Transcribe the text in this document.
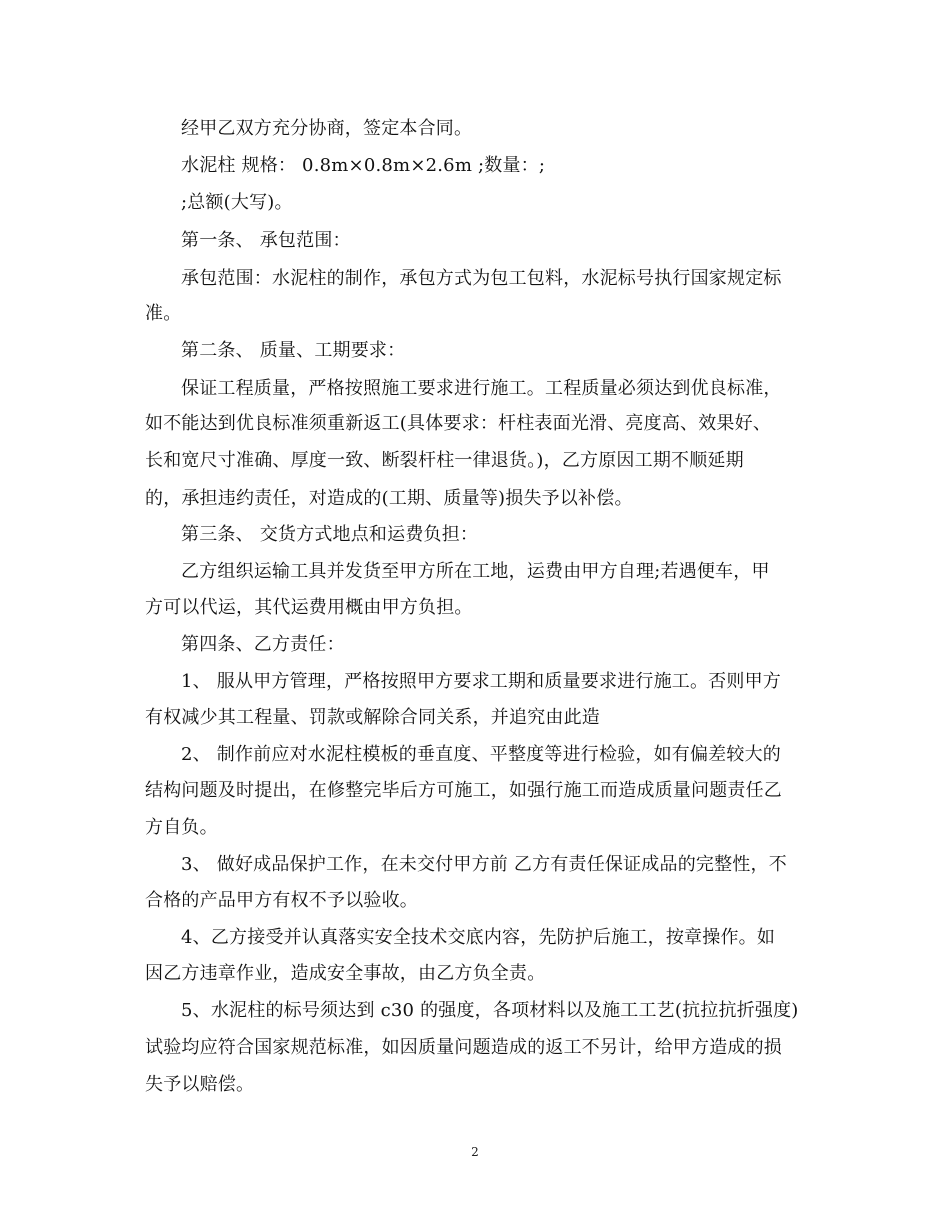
经甲乙双方充分协商，签定本合同。
水泥柱 规格： 0.8m×0.8m×2.6m ;数量：;
;总额(大写)。
第一条、 承包范围：
承包范围：水泥柱的制作，承包方式为包工包料，水泥标号执行国家规定标
准。
第二条、 质量、工期要求：
保证工程质量，严格按照施工要求进行施工。工程质量必须达到优良标准，
如不能达到优良标准须重新返工(具体要求：杆柱表面光滑、亮度高、效果好、
长和宽尺寸准确、厚度一致、断裂杆柱一律退货。)，乙方原因工期不顺延期
的，承担违约责任，对造成的(工期、质量等)损失予以补偿。
第三条、 交货方式地点和运费负担：
乙方组织运输工具并发货至甲方所在工地，运费由甲方自理;若遇便车，甲
方可以代运，其代运费用概由甲方负担。
第四条、乙方责任：
1、 服从甲方管理，严格按照甲方要求工期和质量要求进行施工。否则甲方
有权减少其工程量、罚款或解除合同关系，并追究由此造
2、 制作前应对水泥柱模板的垂直度、平整度等进行检验，如有偏差较大的
结构问题及时提出，在修整完毕后方可施工，如强行施工而造成质量问题责任乙
方自负。
3、 做好成品保护工作，在未交付甲方前 乙方有责任保证成品的完整性，不
合格的产品甲方有权不予以验收。
4、乙方接受并认真落实安全技术交底内容，先防护后施工，按章操作。如
因乙方违章作业，造成安全事故，由乙方负全责。
5、水泥柱的标号须达到 c30 的强度，各项材料以及施工工艺(抗拉抗折强度)
试验均应符合国家规范标准，如因质量问题造成的返工不另计，给甲方造成的损
失予以赔偿。
2
